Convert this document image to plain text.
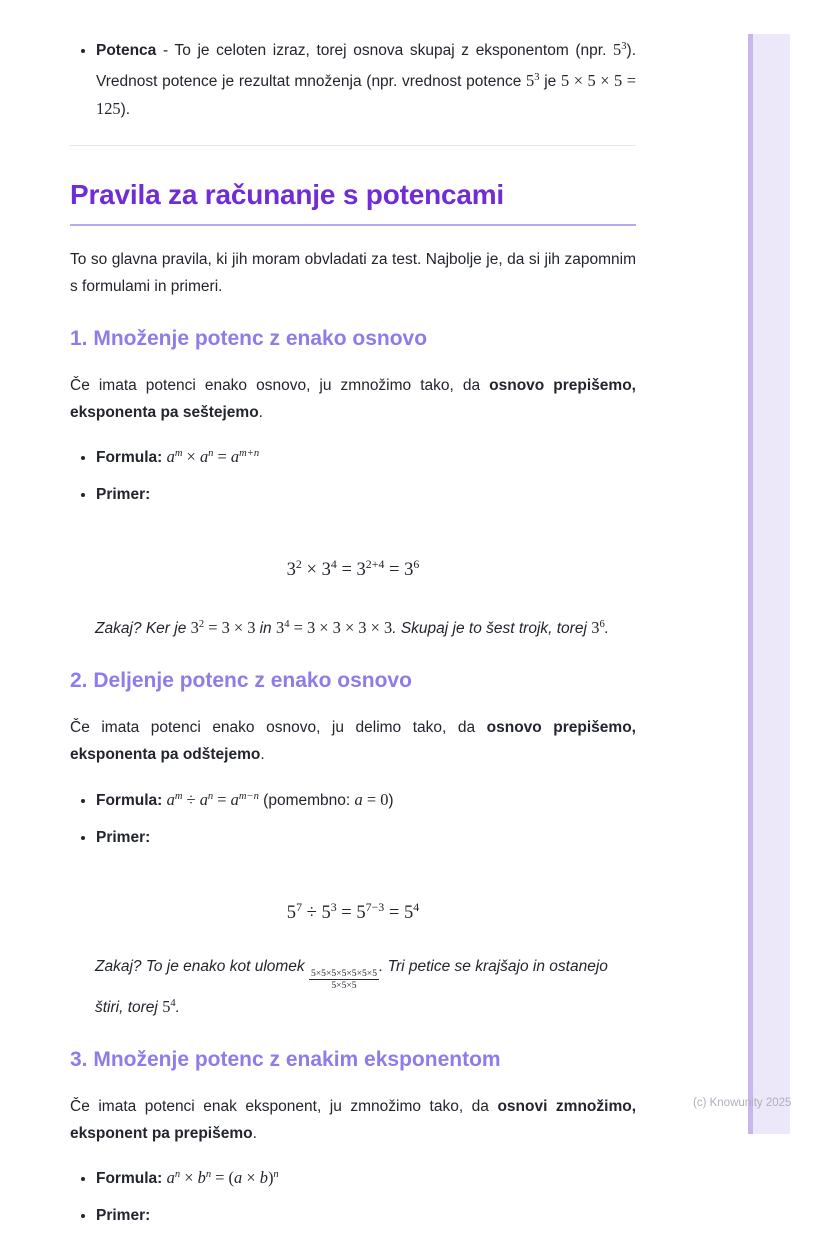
• Potenca - To je celoten izraz, torej osnova skupaj z eksponentom (npr. $5^3$). Vrednost potence je rezultat množenja (npr. vrednost potence $5^3$ je 5 × 5 × 5 = 125).
Pravila za računanje s potencami

To so glavna pravila, ki jih moram obvladati za test. Najbolje je, da si jih zapomnim s formulami in primeri.

1. Množenje potenc z enako osnovo

Če imata potenci enako osnovo, ju zmnožimo tako, da osnovo prepišemo, eksponenta pa seštejemo.

• Formula: $a^m \times a^n = a^{m+n}$
• Primer:
$3^2 \times 3^4 = 3^{2+4} = 3^6$

Zakaj? Ker je $3^2 = 3 \times 3$ in $3^4 = 3 \times 3 \times 3 \times 3$. Skupaj je to šest trojk, torej $3^6$.

2. Deljenje potenc z enako osnovo

Če imata potenci enako osnovo, ju delimo tako, da osnovo prepišemo, eksponenta pa odštejemo.

• Formula: $a^m \div a^n = a^{m-n}$ (pomembno: a = 0)
• Primer:
$5^7 \div 5^3 = 5^{7-3} = 5^4$

Zakaj? To je enako kot ulomek
$\frac{5\times 5\times 5\times 5\times 5\times 5\times 5}{5\times 5\times 5}$
. Tri petice se krajšajo in ostanejo štiri, torej $5^4$.

3. Množenje potenc z enakim eksponentom

Če imata potenci enak eksponent, ju zmnožimo tako, da osnovi zmnožimo, eksponent pa prepišemo.

• Formula: $a^n \times b^n = (a \times b)^n$
• Primer:
(c) Knowunity 2025
